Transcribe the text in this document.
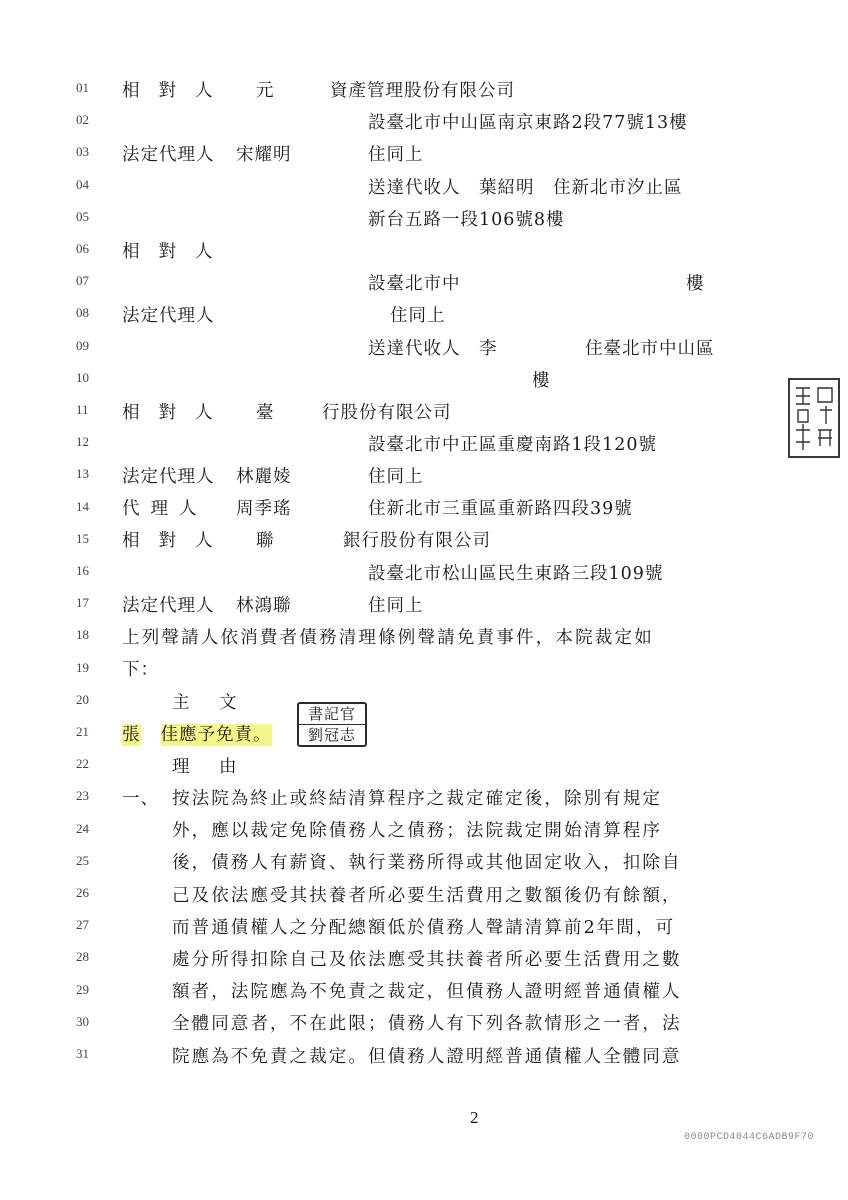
01
02
03
04
05
06
07
08
09
10
11
12
13
14
15
16
17
18
19
20
21
22
23
24
25
26
27
28
29
30
31
相對人 元	資產管理股份有限公司
設臺北市中山區南京東路2段77號13樓
法定代理人 宋耀明	住同上
送達代收人　葉紹明　住新北市汐止區
新台五路一段106號8樓
相對人
設臺北市中	樓
法定代理人	住同上
送達代收人　李	住臺北市中山區
樓
相對人 臺	行股份有限公司
設臺北市中正區重慶南路1段120號
法定代理人 林麗婈	住同上
代理人 周季瑤	住新北市三重區重新路四段39號
相對人 聯	銀行股份有限公司
設臺北市松山區民生東路三段109號
法定代理人 林鴻聯	住同上
上列聲請人依消費者債務清理條例聲請免責事件，本院裁定如
下：
主　文
張 佳應予免責。
書記官
劉冠志
理　由
一、 按法院為終止或終結清算程序之裁定確定後，除別有規定
外，應以裁定免除債務人之債務；法院裁定開始清算程序
後，債務人有薪資、執行業務所得或其他固定收入，扣除自
己及依法應受其扶養者所必要生活費用之數額後仍有餘額，
而普通債權人之分配總額低於債務人聲請清算前2年間，可
處分所得扣除自己及依法應受其扶養者所必要生活費用之數
額者，法院應為不免責之裁定，但債務人證明經普通債權人
全體同意者，不在此限；債務人有下列各款情形之一者，法
院應為不免責之裁定。但債務人證明經普通債權人全體同意
2
0000PCD4044C6ADB9F70
